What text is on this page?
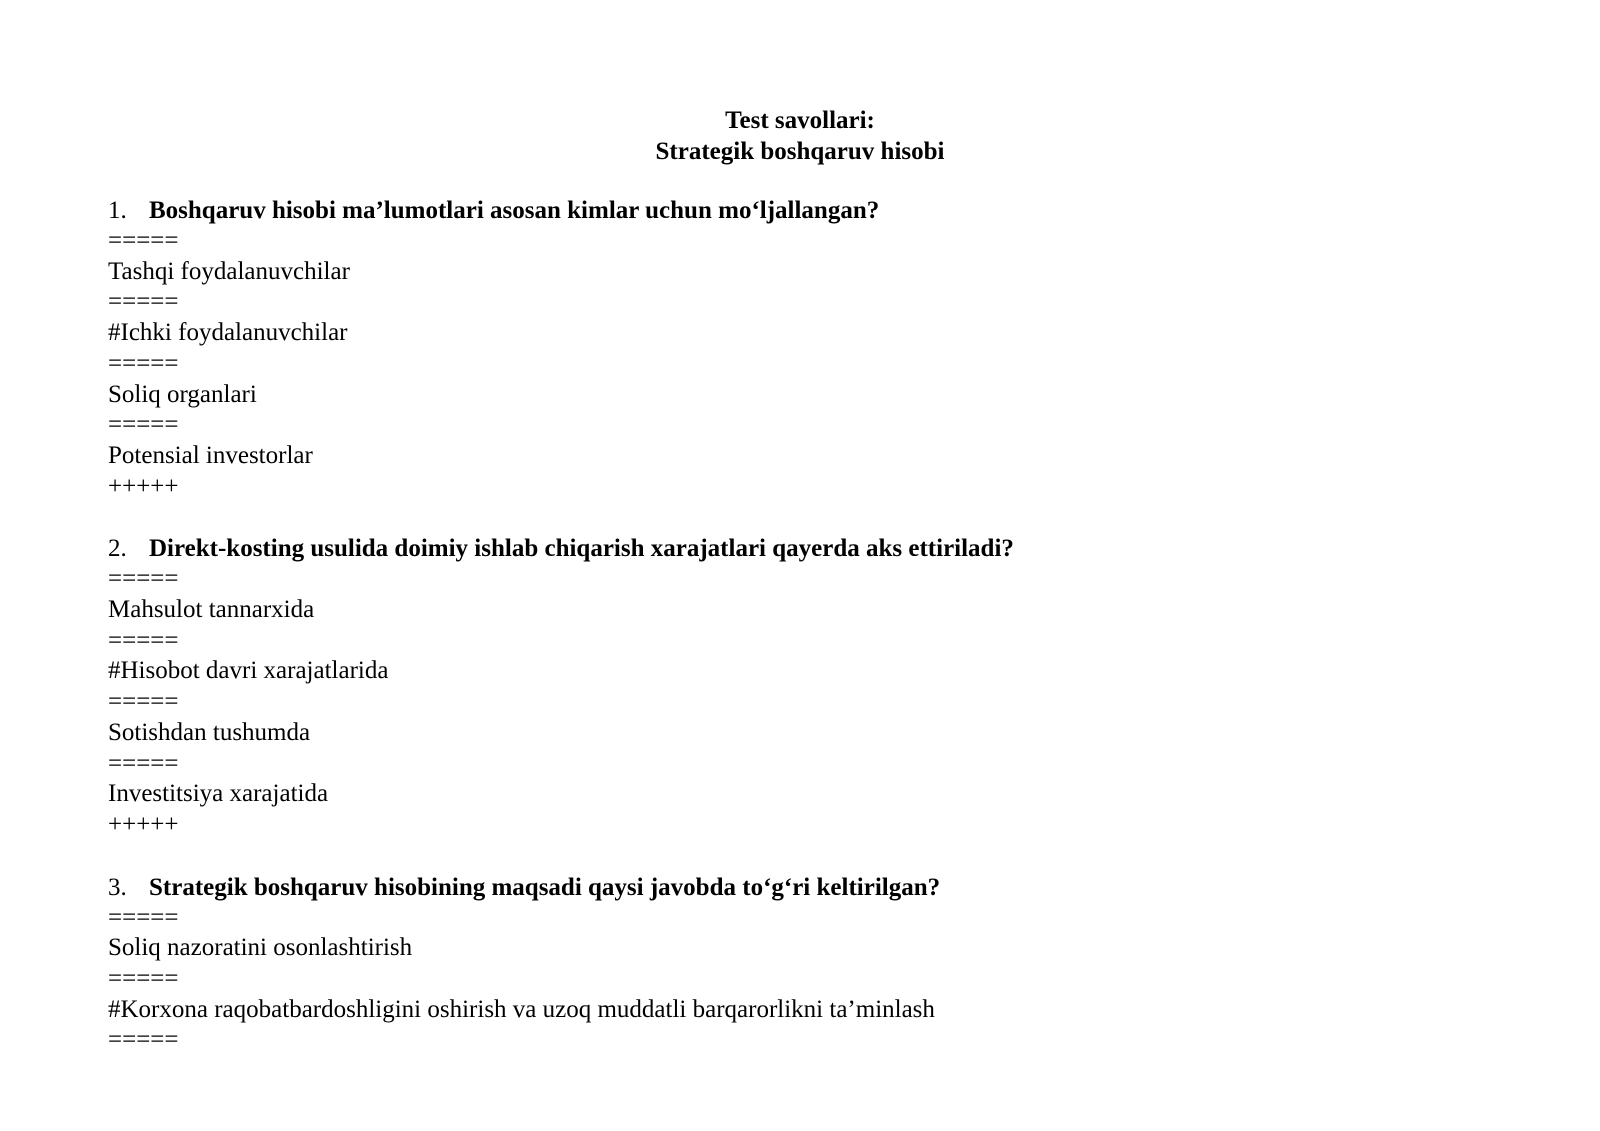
Test savollari:
Strategik boshqaruv hisobi
1. Boshqaruv hisobi ma’lumotlari asosan kimlar uchun mo‘ljallangan?
=====
Tashqi foydalanuvchilar
=====
#Ichki foydalanuvchilar
=====
Soliq organlari
=====
Potensial investorlar
+++++
2. Direkt-kosting usulida doimiy ishlab chiqarish xarajatlari qayerda aks ettiriladi?
=====
Mahsulot tannarxida
=====
#Hisobot davri xarajatlarida
=====
Sotishdan tushumda
=====
Investitsiya xarajatida
+++++
3. Strategik boshqaruv hisobining maqsadi qaysi javobda to‘g‘ri keltirilgan?
=====
Soliq nazoratini osonlashtirish
=====
#Korxona raqobatbardoshligini oshirish va uzoq muddatli barqarorlikni ta’minlash
=====
